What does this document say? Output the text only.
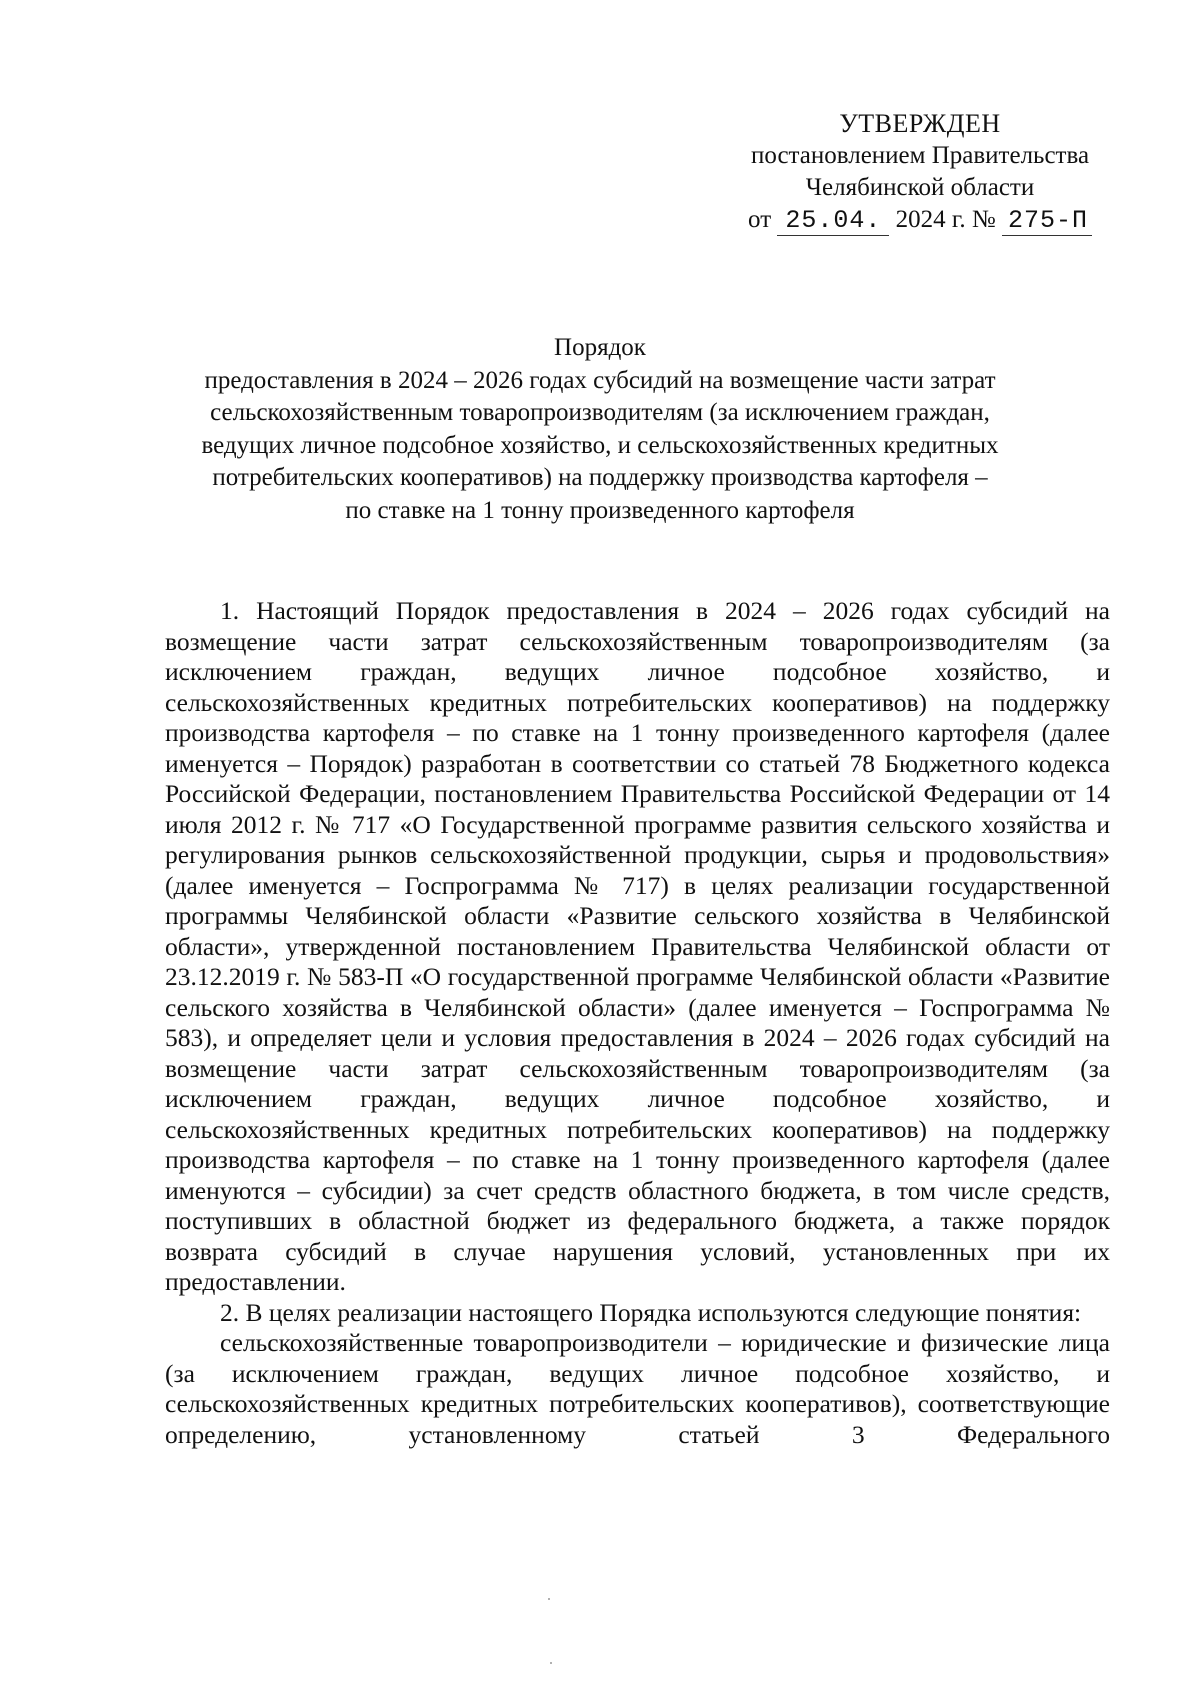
УТВЕРЖДЕН
постановлением Правительства
Челябинской области
от 25.04. 2024 г. № 275-П
Порядок
предоставления в 2024 – 2026 годах субсидий на возмещение части затрат
сельскохозяйственным товаропроизводителям (за исключением граждан,
ведущих личное подсобное хозяйство, и сельскохозяйственных кредитных
потребительских кооперативов) на поддержку производства картофеля –
по ставке на 1 тонну произведенного картофеля

1. Настоящий Порядок предоставления в 2024 – 2026 годах субсидий на возмещение части затрат сельскохозяйственным товаропроизводителям (за исключением граждан, ведущих личное подсобное хозяйство, и сельскохозяйственных кредитных потребительских кооперативов) на поддержку производства картофеля – по ставке на 1 тонну произведенного картофеля (далее именуется – Порядок) разработан в соответствии со статьей 78 Бюджетного кодекса Российской Федерации, постановлением Правительства Российской Федерации от 14 июля 2012 г. № 717 «О Государственной программе развития сельского хозяйства и регулирования рынков сельскохозяйственной продукции, сырья и продовольствия» (далее именуется – Госпрограмма № 717) в целях реализации государственной программы Челябинской области «Развитие сельского хозяйства в Челябинской области», утвержденной постановлением Правительства Челябинской области от 23.12.2019 г. № 583-П «О государственной программе Челябинской области «Развитие сельского хозяйства в Челябинской области» (далее именуется – Госпрограмма № 583), и определяет цели и условия предоставления в 2024 – 2026 годах субсидий на возмещение части затрат сельскохозяйственным товаропроизводителям (за исключением граждан, ведущих личное подсобное хозяйство, и сельскохозяйственных кредитных потребительских кооперативов) на поддержку производства картофеля – по ставке на 1 тонну произведенного картофеля (далее именуются – субсидии) за счет средств областного бюджета, в том числе средств, поступивших в областной бюджет из федерального бюджета, а также порядок возврата субсидий в случае нарушения условий, установленных при их предоставлении.

2. В целях реализации настоящего Порядка используются следующие понятия:

сельскохозяйственные товаропроизводители – юридические и физические лица (за исключением граждан, ведущих личное подсобное хозяйство, и сельскохозяйственных кредитных потребительских кооперативов), соответствующие определению, установленному статьей 3 Федерального
